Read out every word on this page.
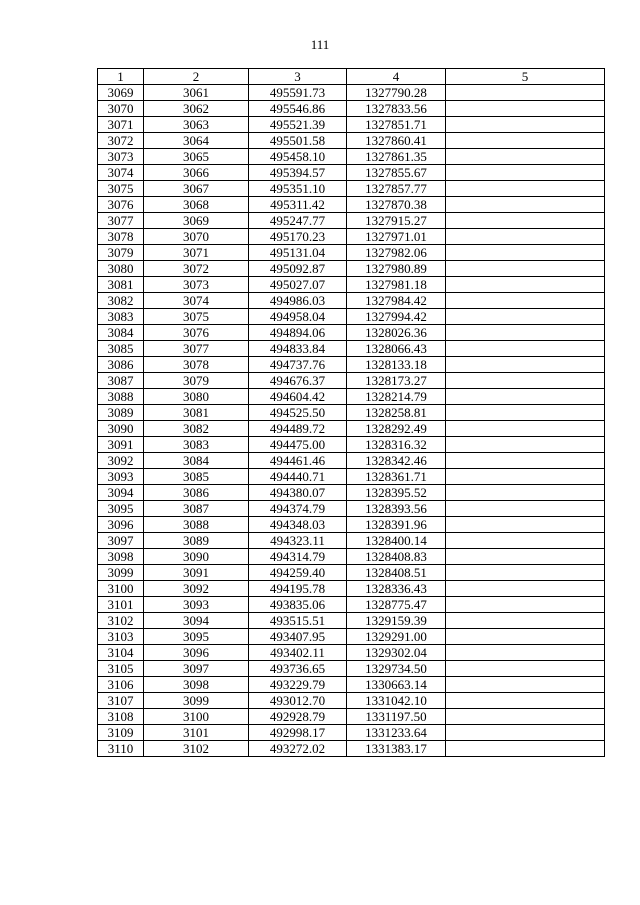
111
1	2	3	4	5
3069	3061	495591.73	1327790.28	
3070	3062	495546.86	1327833.56	
3071	3063	495521.39	1327851.71	
3072	3064	495501.58	1327860.41	
3073	3065	495458.10	1327861.35	
3074	3066	495394.57	1327855.67	
3075	3067	495351.10	1327857.77	
3076	3068	495311.42	1327870.38	
3077	3069	495247.77	1327915.27	
3078	3070	495170.23	1327971.01	
3079	3071	495131.04	1327982.06	
3080	3072	495092.87	1327980.89	
3081	3073	495027.07	1327981.18	
3082	3074	494986.03	1327984.42	
3083	3075	494958.04	1327994.42	
3084	3076	494894.06	1328026.36	
3085	3077	494833.84	1328066.43	
3086	3078	494737.76	1328133.18	
3087	3079	494676.37	1328173.27	
3088	3080	494604.42	1328214.79	
3089	3081	494525.50	1328258.81	
3090	3082	494489.72	1328292.49	
3091	3083	494475.00	1328316.32	
3092	3084	494461.46	1328342.46	
3093	3085	494440.71	1328361.71	
3094	3086	494380.07	1328395.52	
3095	3087	494374.79	1328393.56	
3096	3088	494348.03	1328391.96	
3097	3089	494323.11	1328400.14	
3098	3090	494314.79	1328408.83	
3099	3091	494259.40	1328408.51	
3100	3092	494195.78	1328336.43	
3101	3093	493835.06	1328775.47	
3102	3094	493515.51	1329159.39	
3103	3095	493407.95	1329291.00	
3104	3096	493402.11	1329302.04	
3105	3097	493736.65	1329734.50	
3106	3098	493229.79	1330663.14	
3107	3099	493012.70	1331042.10	
3108	3100	492928.79	1331197.50	
3109	3101	492998.17	1331233.64	
3110	3102	493272.02	1331383.17	
